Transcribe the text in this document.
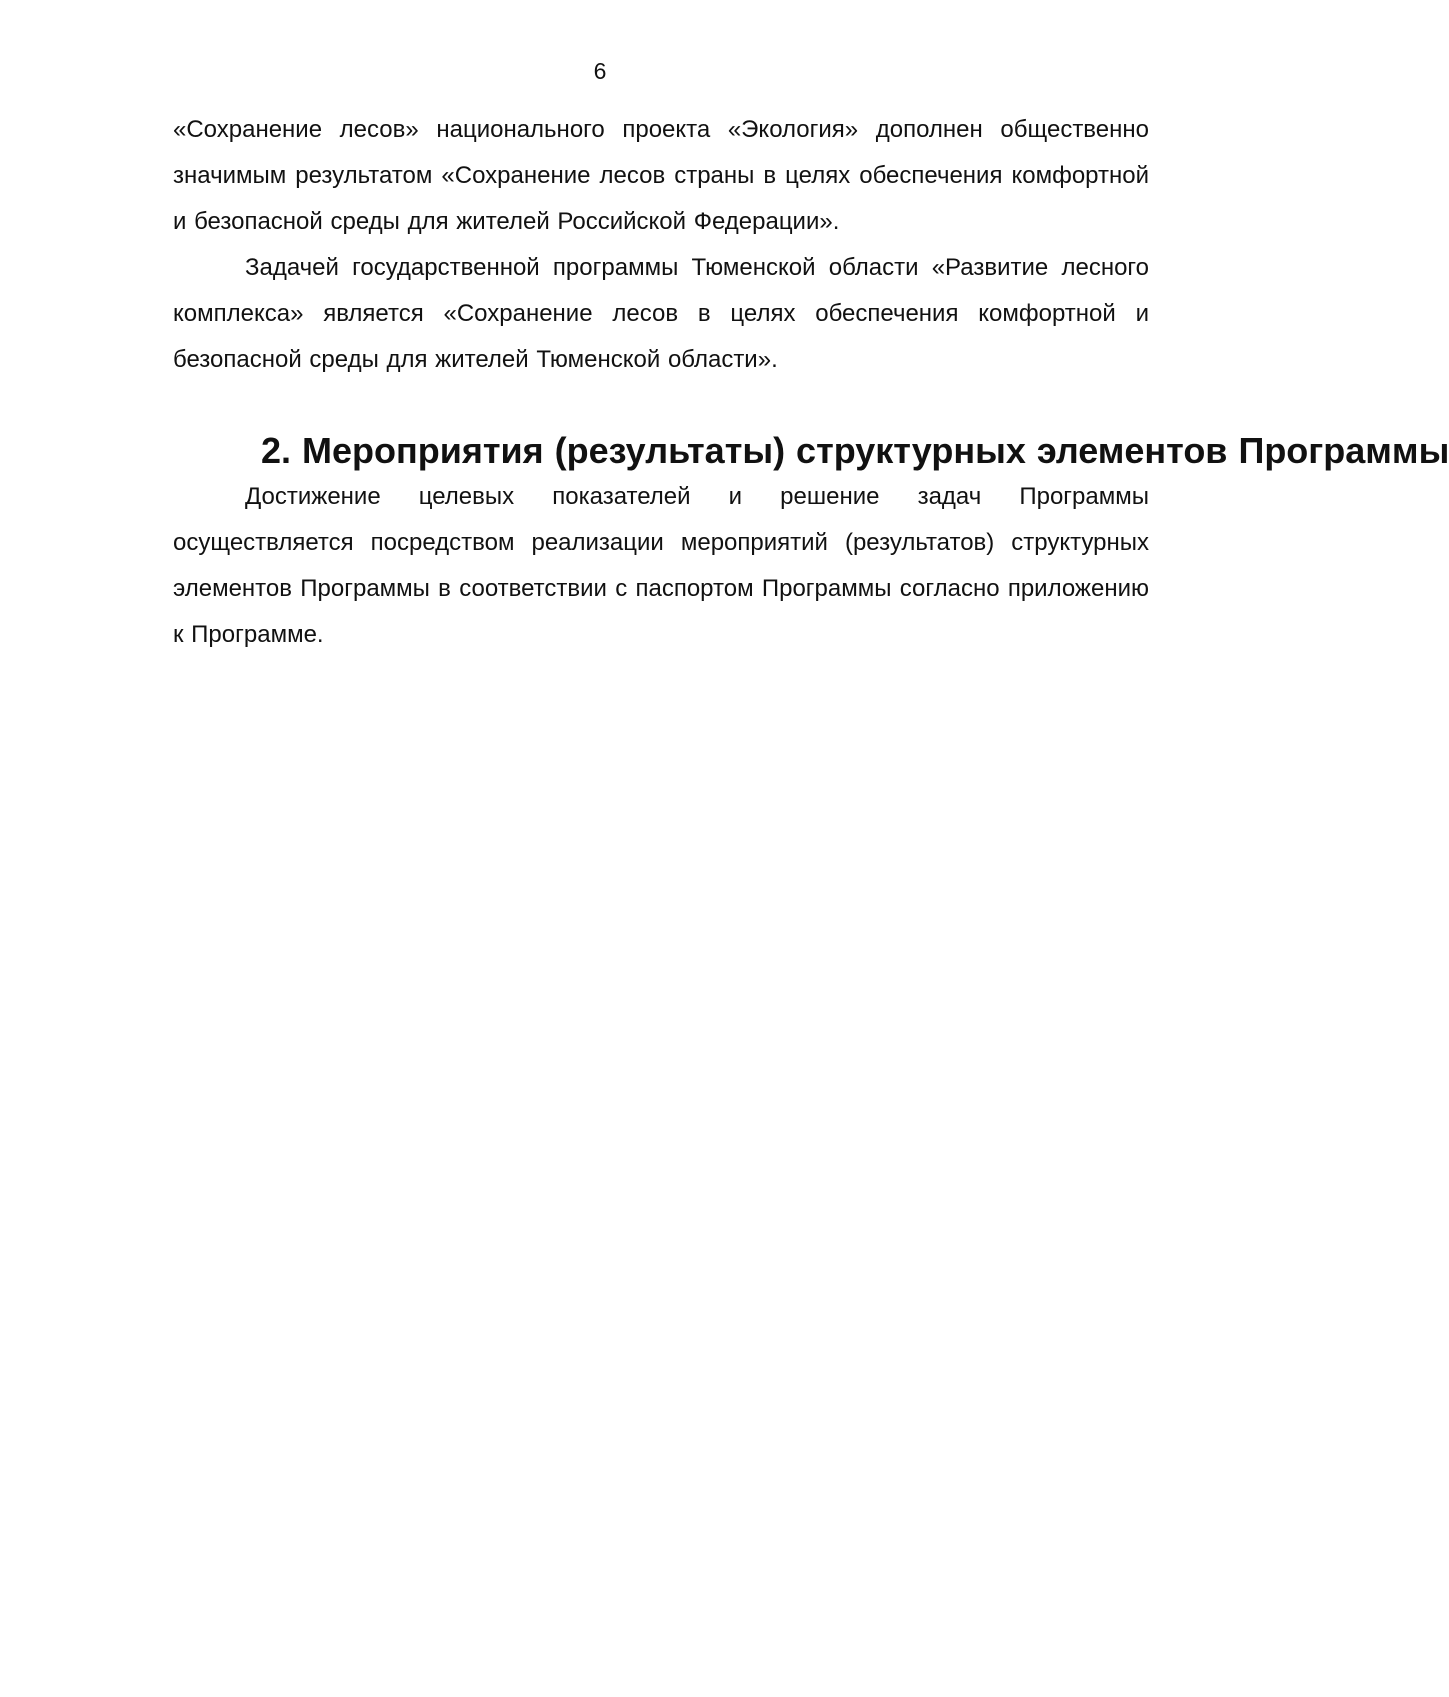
6

«Сохранение лесов» национального проекта «Экология» дополнен общественно значимым результатом «Сохранение лесов страны в целях обеспечения комфортной и безопасной среды для жителей Российской Федерации».

Задачей государственной программы Тюменской области «Развитие лесного комплекса» является «Сохранение лесов в целях обеспечения комфортной и безопасной среды для жителей Тюменской области».

2. Мероприятия (результаты) структурных элементов Программы

Достижение целевых показателей и решение задач Программы осуществляется посредством реализации мероприятий (результатов) структурных элементов Программы в соответствии с паспортом Программы согласно приложению к Программе.
